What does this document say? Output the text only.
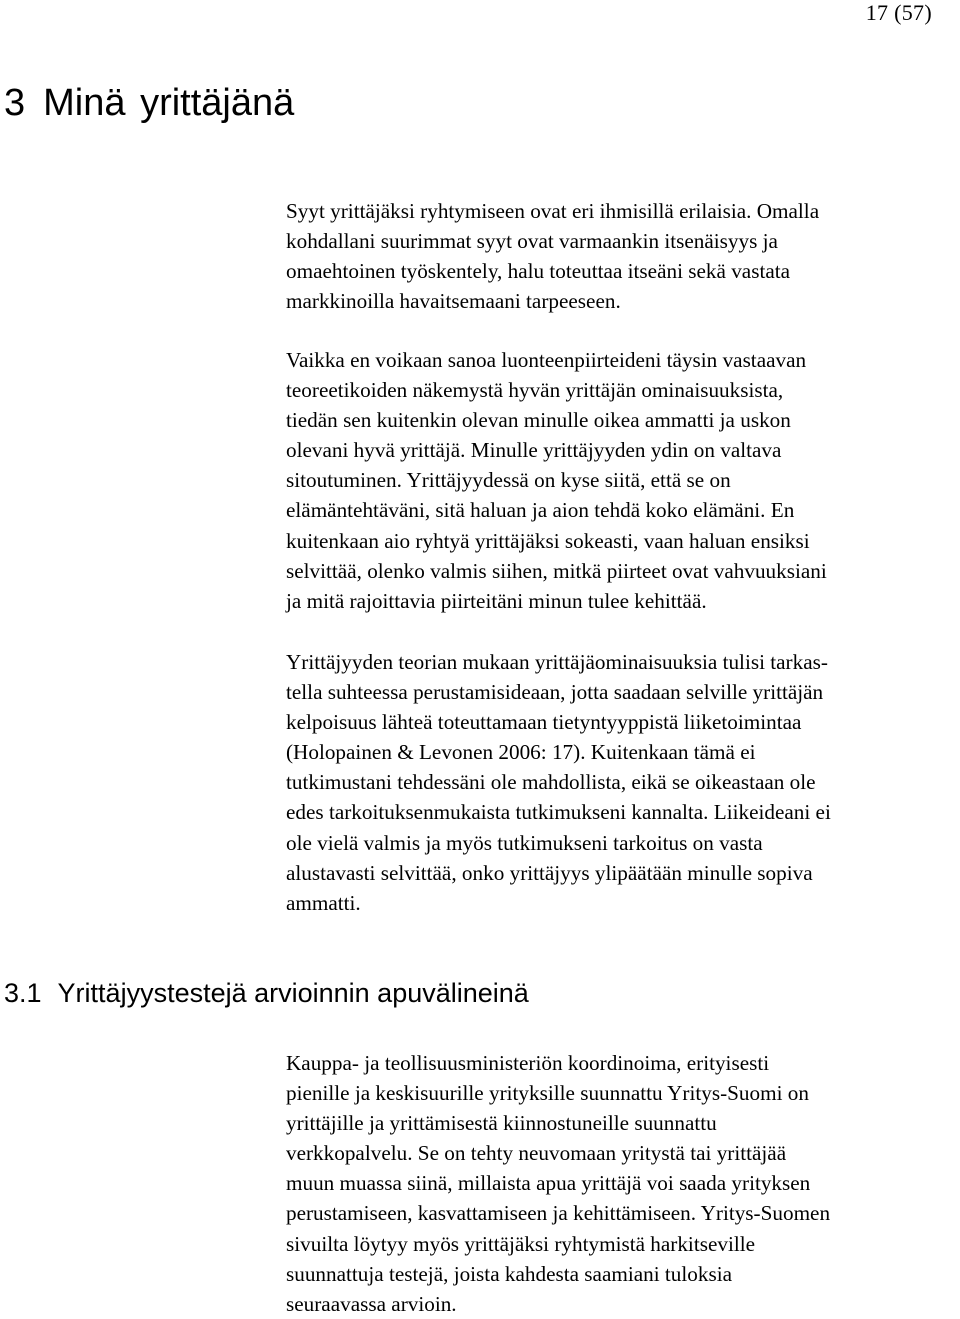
17 (57)
3 Minä yrittäjänä

Syyt yrittäjäksi ryhtymiseen ovat eri ihmisillä erilaisia. Omalla
kohdallani suurimmat syyt ovat varmaankin itsenäisyys ja
omaehtoinen työskentely, halu toteuttaa itseäni sekä vastata
markkinoilla havaitsemaani tarpeeseen.

Vaikka en voikaan sanoa luonteenpiirteideni täysin vastaavan
teoreetikoiden näkemystä hyvän yrittäjän ominaisuuksista,
tiedän sen kuitenkin olevan minulle oikea ammatti ja uskon
olevani hyvä yrittäjä. Minulle yrittäjyyden ydin on valtava
sitoutuminen. Yrittäjyydessä on kyse siitä, että se on
elämäntehtäväni, sitä haluan ja aion tehdä koko elämäni. En
kuitenkaan aio ryhtyä yrittäjäksi sokeasti, vaan haluan ensiksi
selvittää, olenko valmis siihen, mitkä piirteet ovat vahvuuksiani
ja mitä rajoittavia piirteitäni minun tulee kehittää.

Yrittäjyyden teorian mukaan yrittäjäominaisuuksia tulisi tarkas-
tella suhteessa perustamisideaan, jotta saadaan selville yrittäjän
kelpoisuus lähteä toteuttamaan tietyntyyppistä liiketoimintaa
(Holopainen & Levonen 2006: 17). Kuitenkaan tämä ei
tutkimustani tehdessäni ole mahdollista, eikä se oikeastaan ole
edes tarkoituksenmukaista tutkimukseni kannalta. Liikeideani ei
ole vielä valmis ja myös tutkimukseni tarkoitus on vasta
alustavasti selvittää, onko yrittäjyys ylipäätään minulle sopiva
ammatti.

3.1 Yrittäjyystestejä arvioinnin apuvälineinä

Kauppa- ja teollisuusministeriön koordinoima, erityisesti
pienille ja keskisuurille yrityksille suunnattu Yritys-Suomi on
yrittäjille ja yrittämisestä kiinnostuneille suunnattu
verkkopalvelu. Se on tehty neuvomaan yritystä tai yrittäjää
muun muassa siinä, millaista apua yrittäjä voi saada yrityksen
perustamiseen, kasvattamiseen ja kehittämiseen. Yritys-Suomen
sivuilta löytyy myös yrittäjäksi ryhtymistä harkitseville
suunnattuja testejä, joista kahdesta saamiani tuloksia
seuraavassa arvioin.
